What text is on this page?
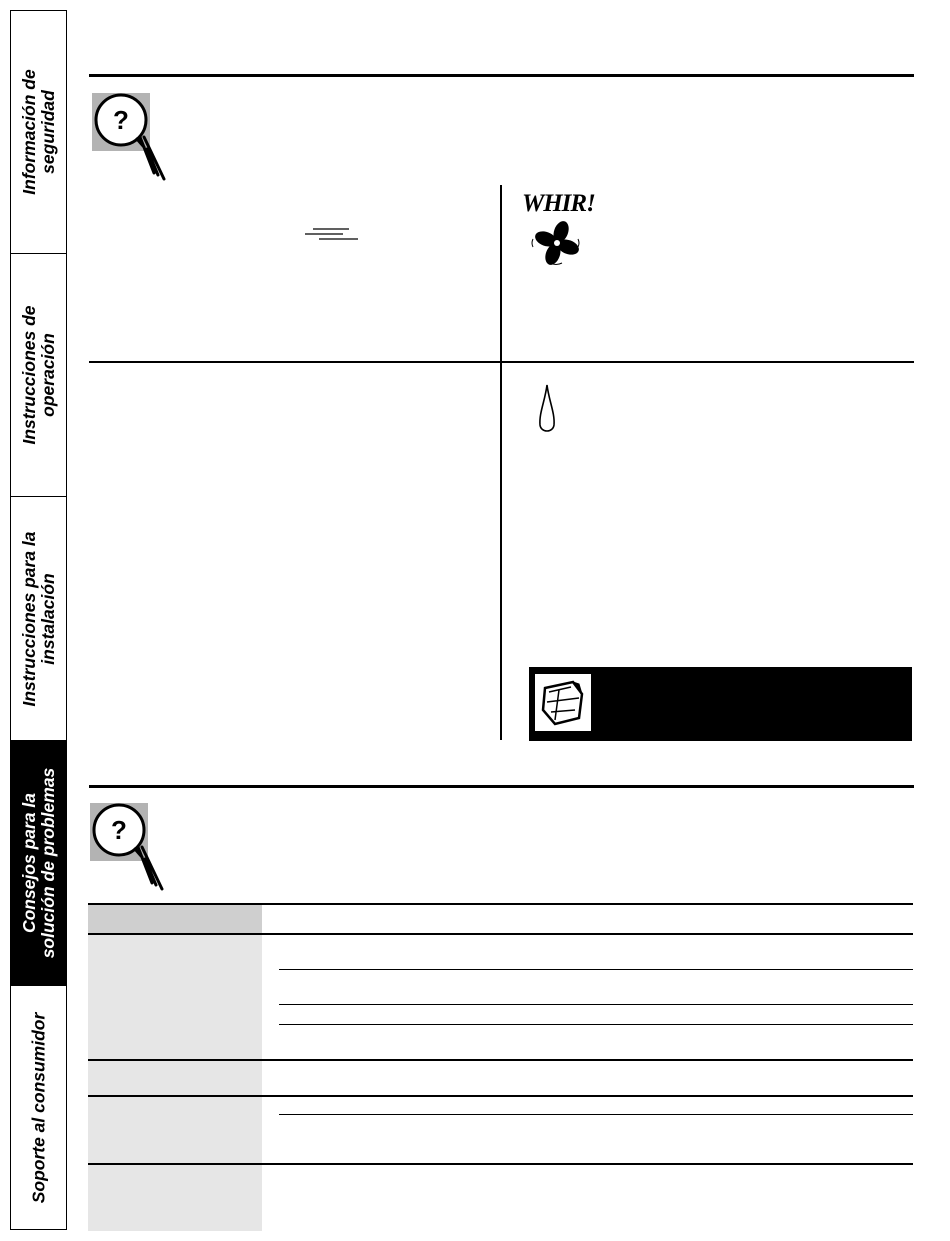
Información de
seguridad
Instrucciones de
operación
Instrucciones para la
instalación
Consejos para la
solución de problemas
Soporte al consumidor
?
WHIR!
?
